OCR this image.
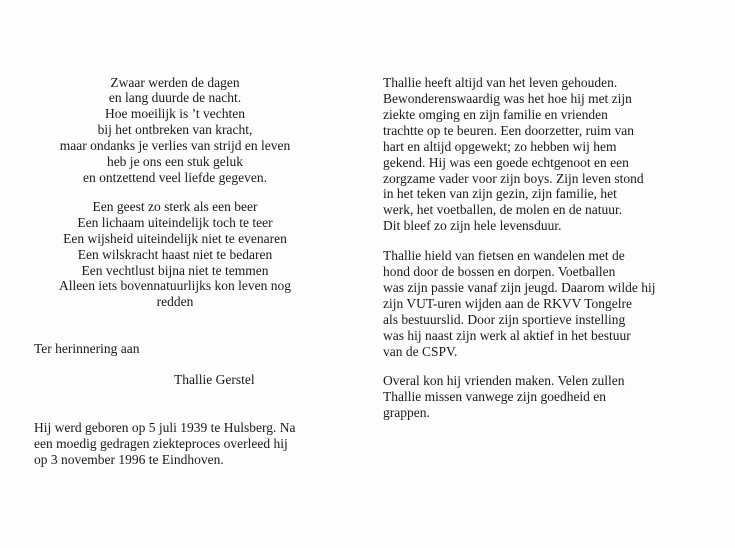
Zwaar werden de dagen
en lang duurde de nacht.
Hoe moeilijk is ’t vechten
bij het ontbreken van kracht,
maar ondanks je verlies van strijd en leven
heb je ons een stuk geluk
en ontzettend veel liefde gegeven.
Een geest zo sterk als een beer
Een lichaam uiteindelijk toch te teer
Een wijsheid uiteindelijk niet te evenaren
Een wilskracht haast niet te bedaren
Een vechtlust bijna niet te temmen
Alleen iets bovennatuurlijks kon leven nog
redden
Ter herinnering aan
Thallie Gerstel
Hij werd geboren op 5 juli 1939 te Hulsberg. Na
een moedig gedragen ziekteproces overleed hij
op 3 november 1996 te Eindhoven.
Thallie heeft altijd van het leven gehouden.
Bewonderenswaardig was het hoe hij met zijn
ziekte omging en zijn familie en vrienden
trachtte op te beuren. Een doorzetter, ruim van
hart en altijd opgewekt; zo hebben wij hem
gekend. Hij was een goede echtgenoot en een
zorgzame vader voor zijn boys. Zijn leven stond
in het teken van zijn gezin, zijn familie, het
werk, het voetballen, de molen en de natuur.
Dit bleef zo zijn hele levensduur.
Thallie hield van fietsen en wandelen met de
hond door de bossen en dorpen. Voetballen
was zijn passie vanaf zijn jeugd. Daarom wilde hij
zijn VUT-uren wijden aan de RKVV Tongelre
als bestuurslid. Door zijn sportieve instelling
was hij naast zijn werk al aktief in het bestuur
van de CSPV.
Overal kon hij vrienden maken. Velen zullen
Thallie missen vanwege zijn goedheid en
grappen.
